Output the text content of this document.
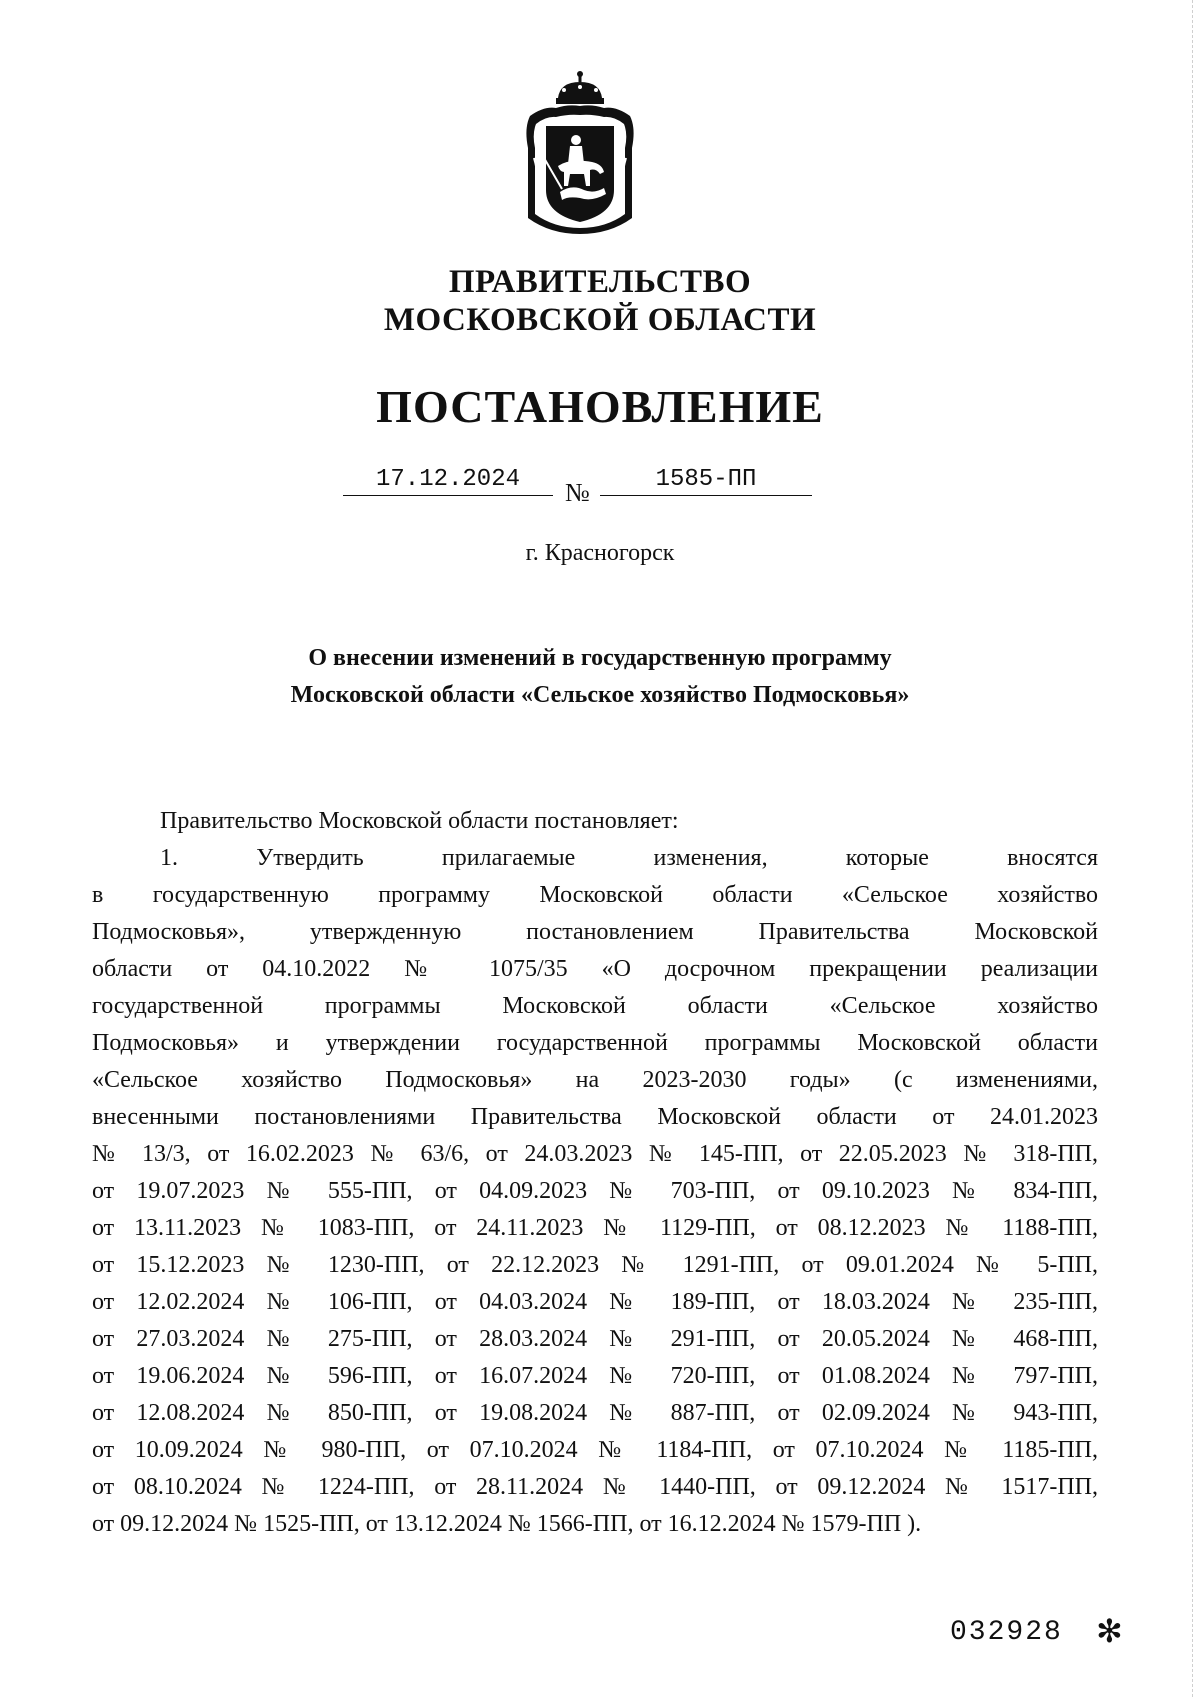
ПРАВИТЕЛЬСТВО
МОСКОВСКОЙ ОБЛАСТИ
ПОСТАНОВЛЕНИЕ
17.12.2024	№	1585-ПП
г. Красногорск
О внесении изменений в государственную программу
Московской области «Сельское хозяйство Подмосковья»
Правительство Московской области постановляет:
1. Утвердить прилагаемые изменения, которые вносятся
в государственную программу Московской области «Сельское хозяйство
Подмосковья», утвержденную постановлением Правительства Московской
области от 04.10.2022 № 1075/35 «О досрочном прекращении реализации
государственной программы Московской области «Сельское хозяйство
Подмосковья» и утверждении государственной программы Московской области
«Сельское хозяйство Подмосковья» на 2023-2030 годы» (с изменениями,
внесенными постановлениями Правительства Московской области от 24.01.2023
№ 13/3, от 16.02.2023 № 63/6, от 24.03.2023 № 145-ПП, от 22.05.2023 № 318-ПП,
от 19.07.2023 № 555-ПП, от 04.09.2023 № 703-ПП, от 09.10.2023 № 834-ПП,
от 13.11.2023 № 1083-ПП, от 24.11.2023 № 1129-ПП, от 08.12.2023 № 1188-ПП,
от 15.12.2023 № 1230-ПП, от 22.12.2023 № 1291-ПП, от 09.01.2024 № 5-ПП,
от 12.02.2024 № 106-ПП, от 04.03.2024 № 189-ПП, от 18.03.2024 № 235-ПП,
от 27.03.2024 № 275-ПП, от 28.03.2024 № 291-ПП, от 20.05.2024 № 468-ПП,
от 19.06.2024 № 596-ПП, от 16.07.2024 № 720-ПП, от 01.08.2024 № 797-ПП,
от 12.08.2024 № 850-ПП, от 19.08.2024 № 887-ПП, от 02.09.2024 № 943-ПП,
от 10.09.2024 № 980-ПП, от 07.10.2024 № 1184-ПП, от 07.10.2024 № 1185-ПП,
от 08.10.2024 № 1224-ПП, от 28.11.2024 № 1440-ПП, от 09.12.2024 № 1517-ПП,
от 09.12.2024 № 1525-ПП, от 13.12.2024 № 1566-ПП, от 16.12.2024 № 1579-ПП ).
032928 ✻
